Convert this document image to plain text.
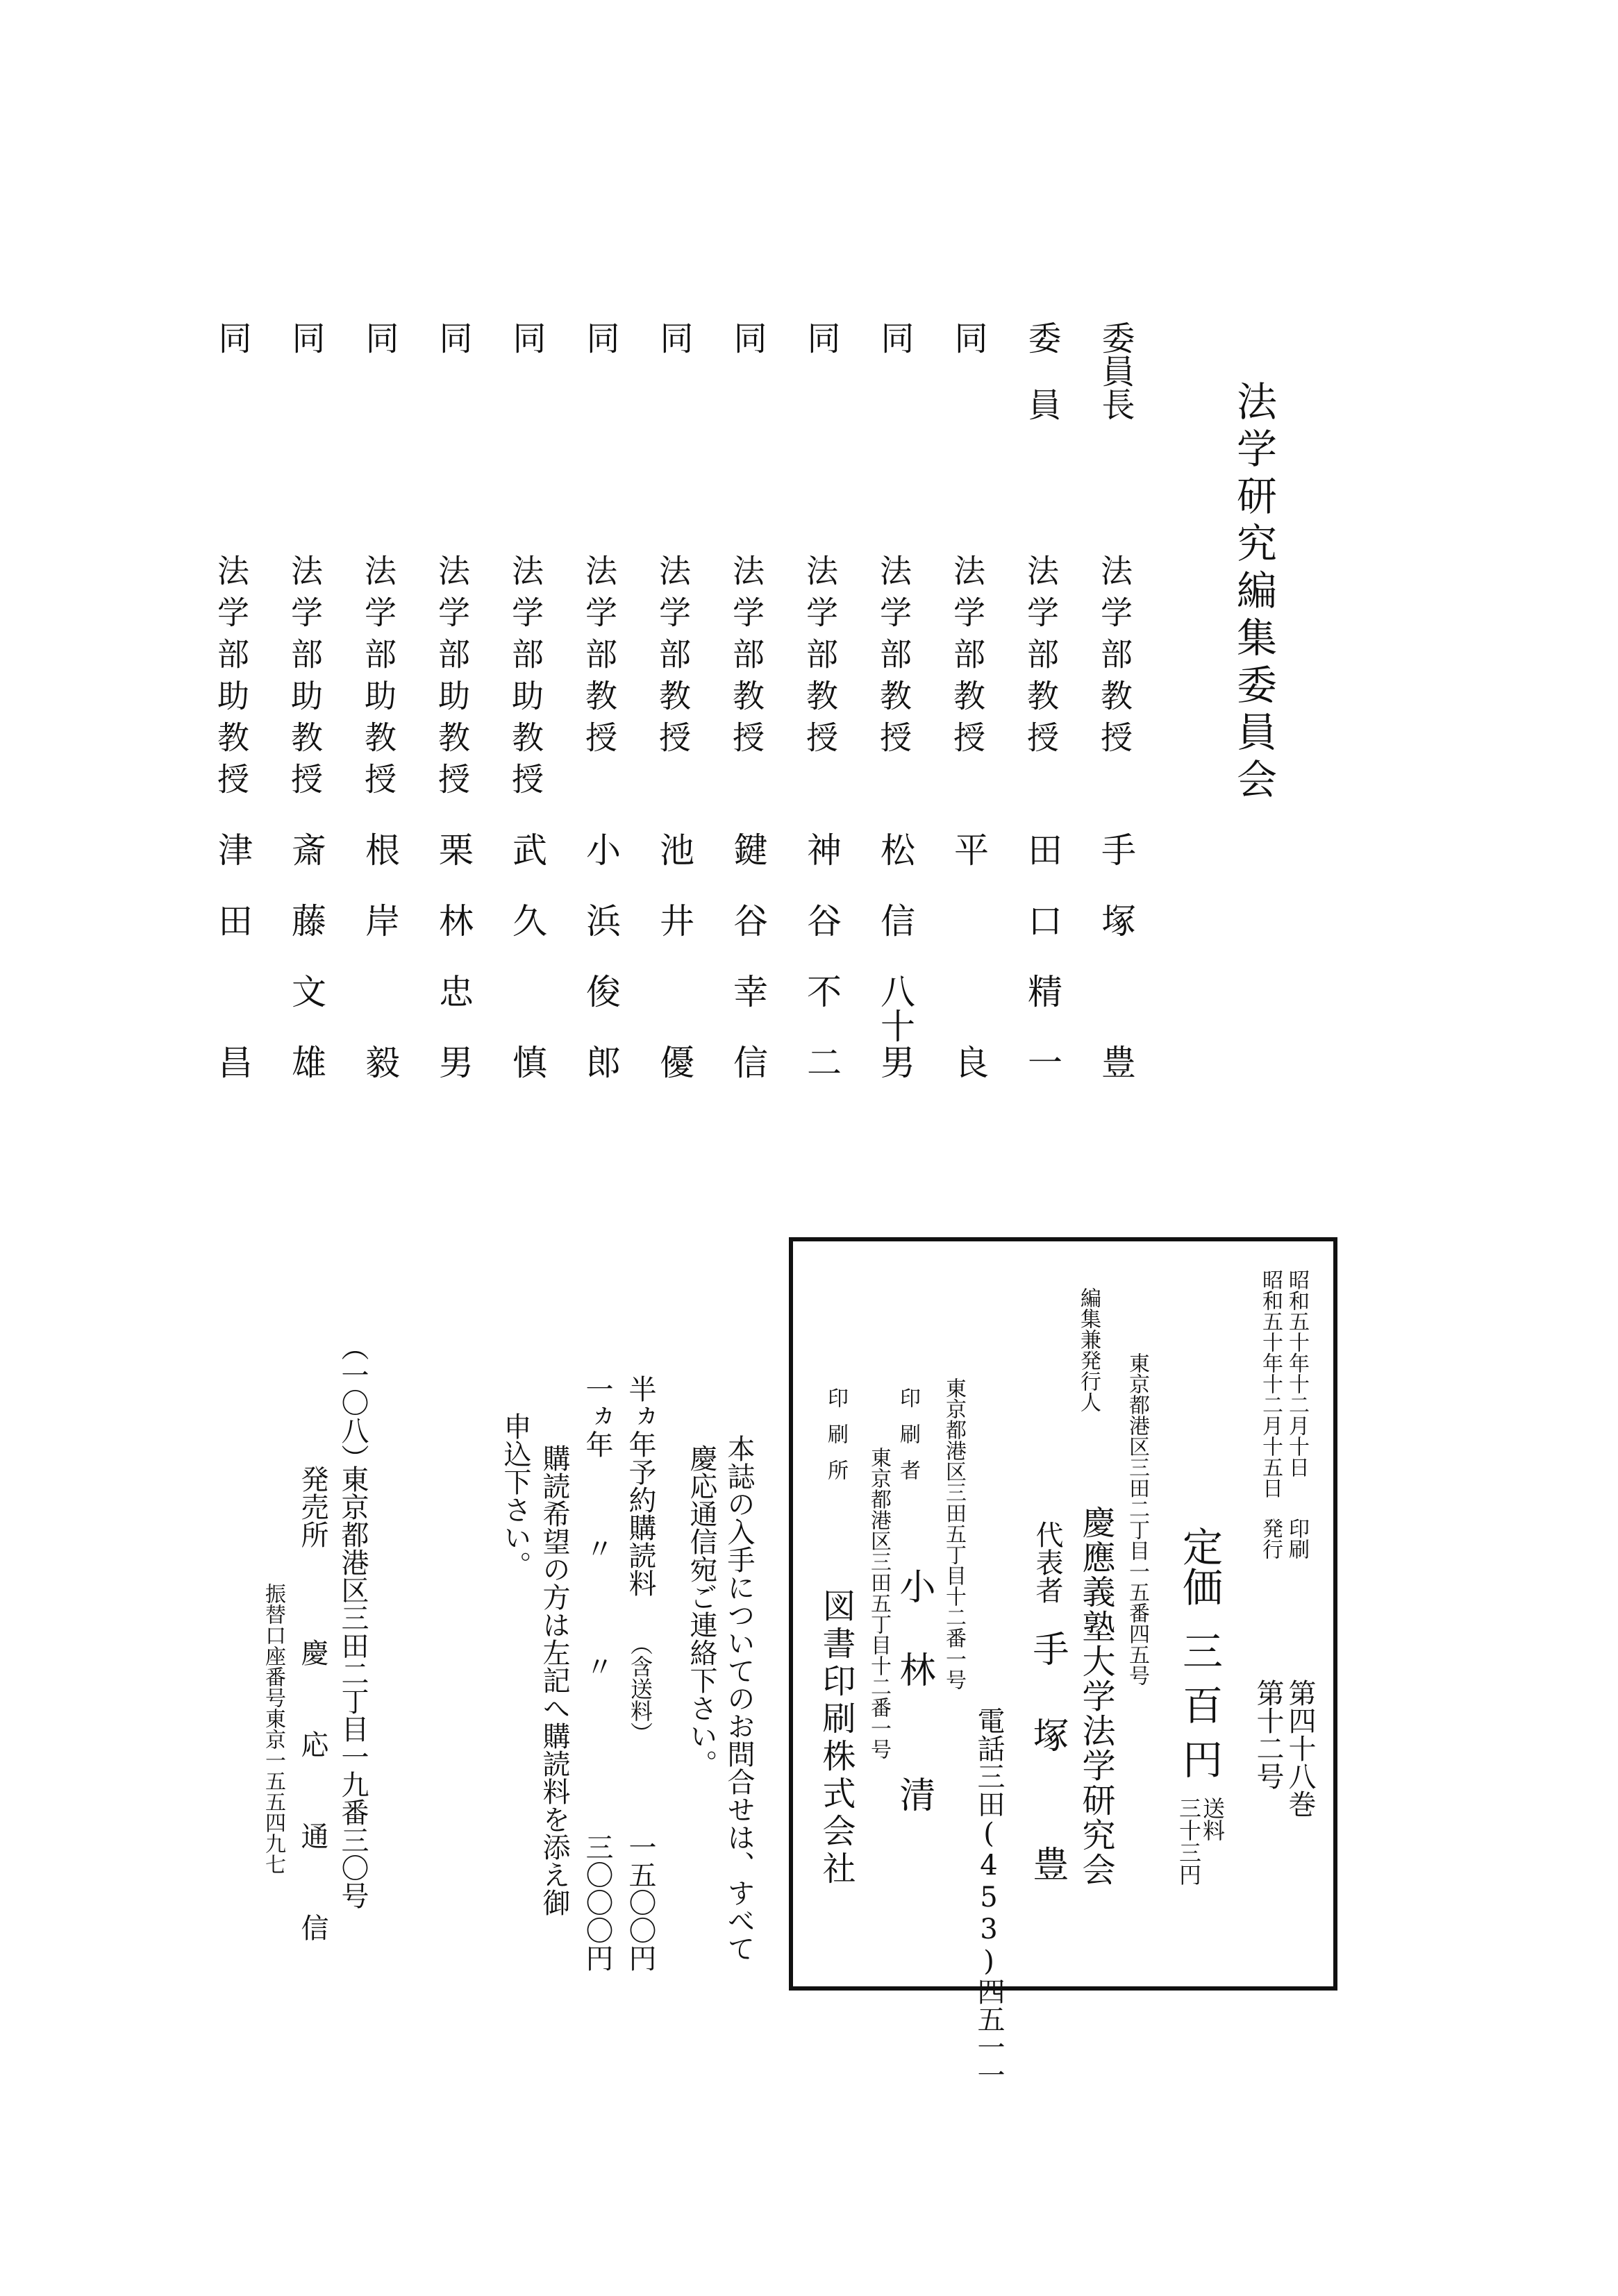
法学研究編集委員会
委員長
法学部教授
手
塚
豊
委　員
法学部教授
田
口
精
一
同
法学部教授
平
良
同
法学部教授
松
信
八十
男
同
法学部教授
神
谷
不
二
同
法学部教授
鍵
谷
幸
信
同
法学部教授
池
井
優
同
法学部教授
小
浜
俊
郎
同
法学部助教授
武
久
慎
同
法学部助教授
栗
林
忠
男
同
法学部助教授
根
岸
毅
同
法学部助教授
斎
藤
文
雄
同
法学部助教授
津
田
昌
昭和五十年十二月十日
印刷
昭和五十年十二月十五日
発行
第四十八巻
第十二号
定価
三百円
送料
三十三円
東京都港区三田二丁目一五番四五号
編集兼発行人
慶應義塾大学法学研究会
代表者
手　塚　　豊
電話三田(453)四五一一
東京都港区三田五丁目十二番一号
印刷者
小　林　　清
東京都港区三田五丁目十二番一号
印刷所
図書印刷株式会社
本誌の入手についてのお問合せは、すべて
慶応通信宛ご連絡下さい。
半ヵ年予約購読料
（含送料）
一五〇〇円
一ヵ年
〃
〃
三〇〇〇円
購読希望の方は左記へ購読料を添え御
申込下さい。
（一〇八）
東京都港区三田二丁目一九番三〇号
発売所
慶　応　通　信
振替口座番号東京一五五四九七
